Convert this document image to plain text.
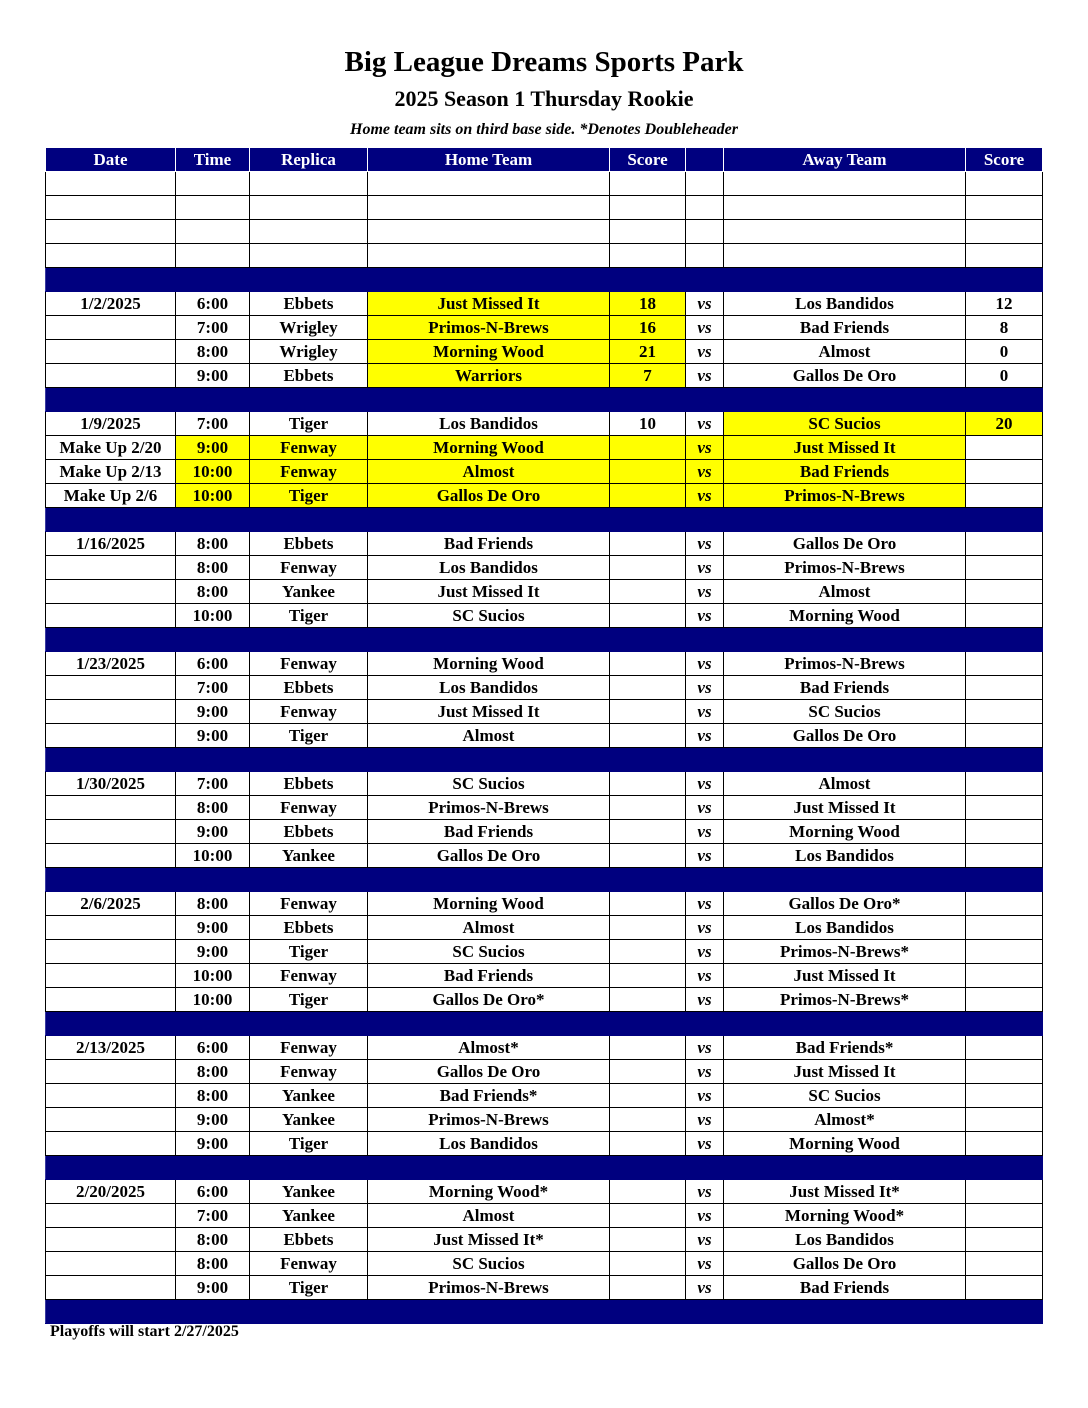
Big League Dreams Sports Park
2025 Season 1 Thursday Rookie
Home team sits on third base side. *Denotes Doubleheader
Date	Time	Replica	Home Team	Score		Away Team	Score

1/2/2025	6:00	Ebbets	Just Missed It	18	vs	Los Bandidos	12
	7:00	Wrigley	Primos-N-Brews	16	vs	Bad Friends	8
	8:00	Wrigley	Morning Wood	21	vs	Almost	0
	9:00	Ebbets	Warriors	7	vs	Gallos De Oro	0

1/9/2025	7:00	Tiger	Los Bandidos	10	vs	SC Sucios	20
Make Up 2/20	9:00	Fenway	Morning Wood		vs	Just Missed It	
Make Up 2/13	10:00	Fenway	Almost		vs	Bad Friends	
Make Up 2/6	10:00	Tiger	Gallos De Oro		vs	Primos-N-Brews	

1/16/2025	8:00	Ebbets	Bad Friends		vs	Gallos De Oro	
	8:00	Fenway	Los Bandidos		vs	Primos-N-Brews	
	8:00	Yankee	Just Missed It		vs	Almost	
	10:00	Tiger	SC Sucios		vs	Morning Wood	

1/23/2025	6:00	Fenway	Morning Wood		vs	Primos-N-Brews	
	7:00	Ebbets	Los Bandidos		vs	Bad Friends	
	9:00	Fenway	Just Missed It		vs	SC Sucios	
	9:00	Tiger	Almost		vs	Gallos De Oro	

1/30/2025	7:00	Ebbets	SC Sucios		vs	Almost	
	8:00	Fenway	Primos-N-Brews		vs	Just Missed It	
	9:00	Ebbets	Bad Friends		vs	Morning Wood	
	10:00	Yankee	Gallos De Oro		vs	Los Bandidos	

2/6/2025	8:00	Fenway	Morning Wood		vs	Gallos De Oro*	
	9:00	Ebbets	Almost		vs	Los Bandidos	
	9:00	Tiger	SC Sucios		vs	Primos-N-Brews*	
	10:00	Fenway	Bad Friends		vs	Just Missed It	
	10:00	Tiger	Gallos De Oro*		vs	Primos-N-Brews*	

2/13/2025	6:00	Fenway	Almost*		vs	Bad Friends*	
	8:00	Fenway	Gallos De Oro		vs	Just Missed It	
	8:00	Yankee	Bad Friends*		vs	SC Sucios	
	9:00	Yankee	Primos-N-Brews		vs	Almost*	
	9:00	Tiger	Los Bandidos		vs	Morning Wood	

2/20/2025	6:00	Yankee	Morning Wood*		vs	Just Missed It*	
	7:00	Yankee	Almost		vs	Morning Wood*	
	8:00	Ebbets	Just Missed It*		vs	Los Bandidos	
	8:00	Fenway	SC Sucios		vs	Gallos De Oro	
	9:00	Tiger	Primos-N-Brews		vs	Bad Friends	

Playoffs will start 2/27/2025
